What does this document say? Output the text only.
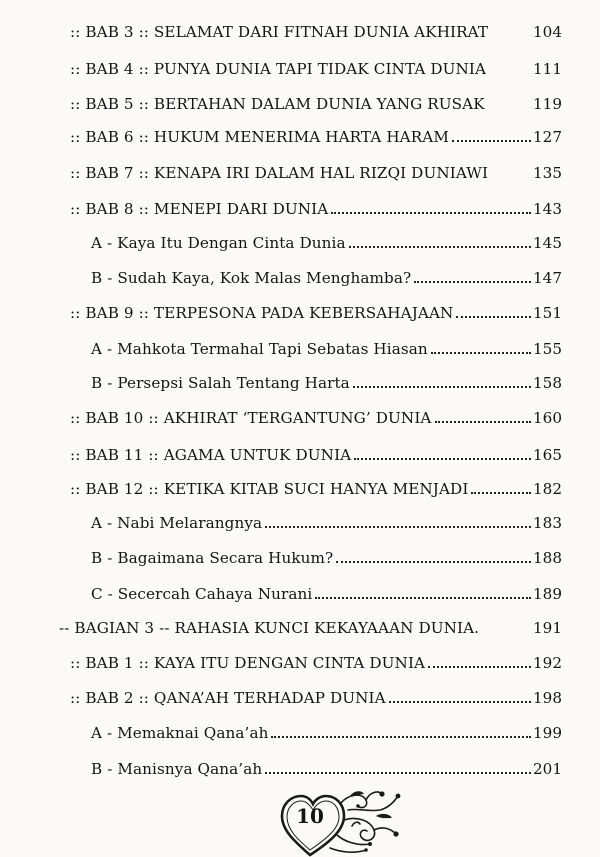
:: BAB 3 :: SELAMAT DARI FITNAH DUNIA AKHIRAT	104
:: BAB 4 :: PUNYA DUNIA TAPI TIDAK CINTA DUNIA	111
:: BAB 5 :: BERTAHAN DALAM DUNIA YANG RUSAK	119
:: BAB 6 :: HUKUM MENERIMA HARTA HARAM	127
:: BAB 7 :: KENAPA IRI DALAM HAL RIZQI DUNIAWI	135
:: BAB 8 :: MENEPI DARI DUNIA	143
A - Kaya Itu Dengan Cinta Dunia	145
B - Sudah Kaya, Kok Malas Menghamba?	147
:: BAB 9 :: TERPESONA PADA KEBERSAHAJAAN	151
A - Mahkota Termahal Tapi Sebatas Hiasan	155
B - Persepsi Salah Tentang Harta	158
:: BAB 10 :: AKHIRAT ‘TERGANTUNG’ DUNIA	160
:: BAB 11 :: AGAMA UNTUK DUNIA	165
:: BAB 12 :: KETIKA KITAB SUCI HANYA MENJADI	182
A - Nabi Melarangnya	183
B - Bagaimana Secara Hukum?	188
C - Secercah Cahaya Nurani	189
-- BAGIAN 3 -- RAHASIA KUNCI KEKAYAAAN DUNIA.	191
:: BAB 1 :: KAYA ITU DENGAN CINTA DUNIA	192
:: BAB 2 :: QANA’AH TERHADAP DUNIA	198
A - Memaknai Qana’ah	199
B - Manisnya Qana’ah	201
10
